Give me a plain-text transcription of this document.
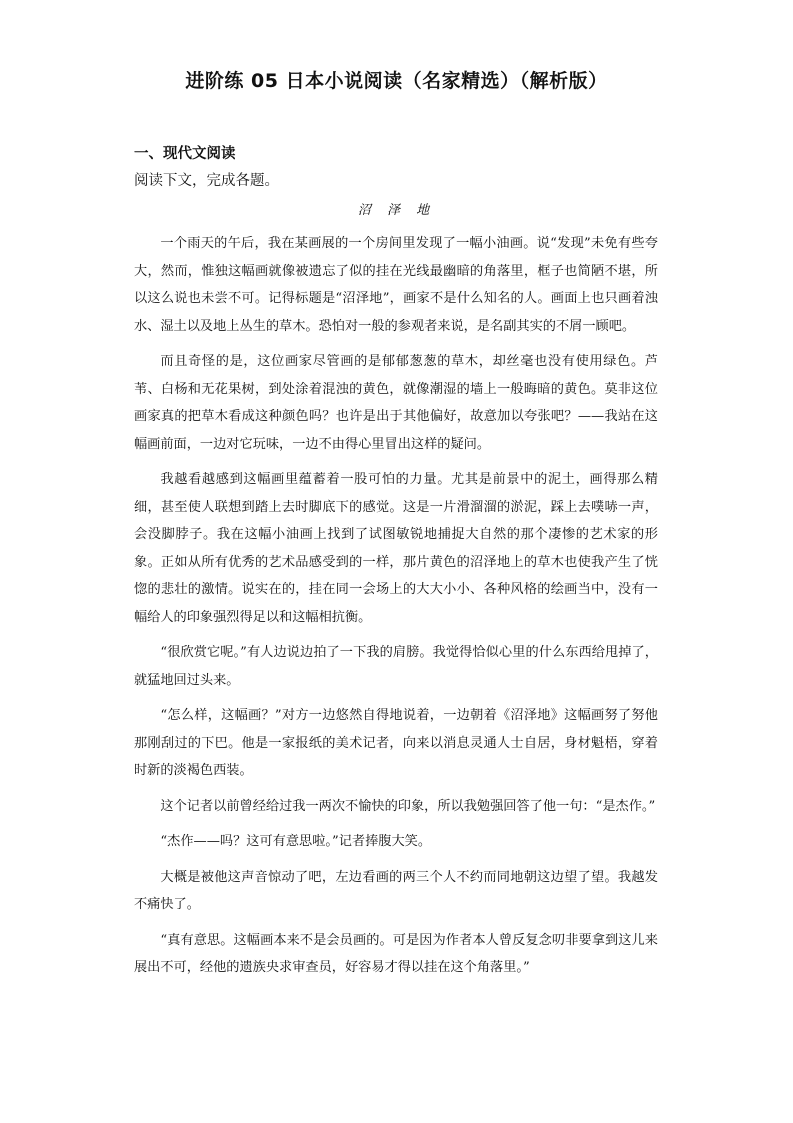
进阶练 05 日本小说阅读（名家精选）（解析版）
一、现代文阅读
阅读下文，完成各题。
沼 泽 地

一个雨天的午后，我在某画展的一个房间里发现了一幅小油画。说“发现”未免有些夸大，然而，惟独这幅画就像被遗忘了似的挂在光线最幽暗的角落里，框子也简陋不堪，所以这么说也未尝不可。记得标题是“沼泽地”，画家不是什么知名的人。画面上也只画着浊水、湿土以及地上丛生的草木。恐怕对一般的参观者来说，是名副其实的不屑一顾吧。

而且奇怪的是，这位画家尽管画的是郁郁葱葱的草木，却丝毫也没有使用绿色。芦苇、白杨和无花果树，到处涂着混浊的黄色，就像潮湿的墙上一般晦暗的黄色。莫非这位画家真的把草木看成这种颜色吗？也许是出于其他偏好，故意加以夸张吧？——我站在这幅画前面，一边对它玩味，一边不由得心里冒出这样的疑问。

我越看越感到这幅画里蕴蓄着一股可怕的力量。尤其是前景中的泥土，画得那么精细，甚至使人联想到踏上去时脚底下的感觉。这是一片滑溜溜的淤泥，踩上去噗哧一声，会没脚脖子。我在这幅小油画上找到了试图敏锐地捕捉大自然的那个凄惨的艺术家的形象。正如从所有优秀的艺术品感受到的一样，那片黄色的沼泽地上的草木也使我产生了恍惚的悲壮的激情。说实在的，挂在同一会场上的大大小小、各种风格的绘画当中，没有一幅给人的印象强烈得足以和这幅相抗衡。

“很欣赏它呢。”有人边说边拍了一下我的肩膀。我觉得恰似心里的什么东西给甩掉了，就猛地回过头来。

“怎么样，这幅画？”对方一边悠然自得地说着，一边朝着《沼泽地》这幅画努了努他那刚刮过的下巴。他是一家报纸的美术记者，向来以消息灵通人士自居，身材魁梧，穿着时新的淡褐色西装。

这个记者以前曾经给过我一两次不愉快的印象，所以我勉强回答了他一句：“是杰作。”

“杰作——吗？这可有意思啦。”记者捧腹大笑。

大概是被他这声音惊动了吧，左边看画的两三个人不约而同地朝这边望了望。我越发不痛快了。

“真有意思。这幅画本来不是会员画的。可是因为作者本人曾反复念叨非要拿到这儿来展出不可，经他的遗族央求审查员，好容易才得以挂在这个角落里。”
